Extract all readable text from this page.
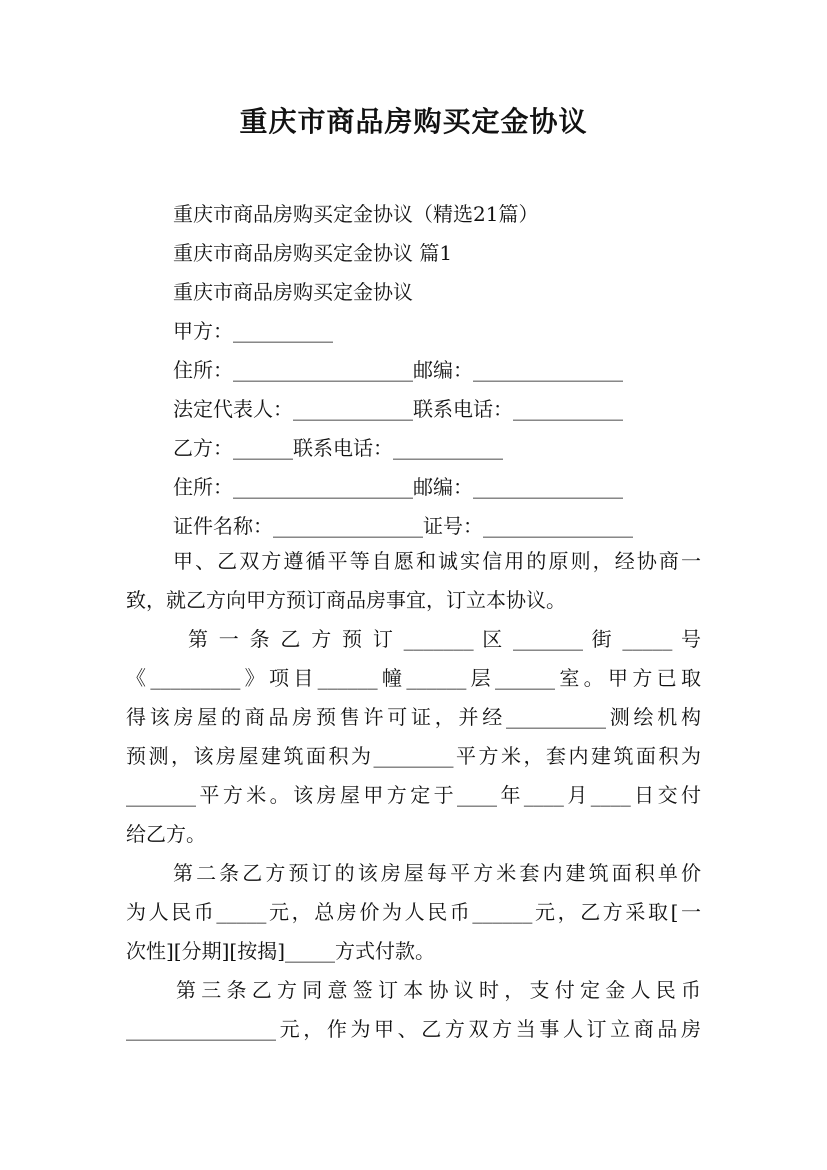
重庆市商品房购买定金协议
重庆市商品房购买定金协议（精选21篇）
重庆市商品房购买定金协议 篇1
重庆市商品房购买定金协议
甲方：__________
住所：__________________邮编：_______________
法定代表人：____________联系电话：___________
乙方：______联系电话：___________
住所：__________________邮编：_______________
证件名称：_______________证号：_______________
甲、乙双方遵循平等自愿和诚实信用的原则，经协商一
致，就乙方向甲方预订商品房事宜，订立本协议。
第 一 条 乙 方 预 订 _______ 区 _______ 街 _____ 号
《_________》项目______幢______层______室。甲方已取
得该房屋的商品房预售许可证，并经__________测绘机构
预测，该房屋建筑面积为________平方米，套内建筑面积为
_______平方米。该房屋甲方定于____年____月____日交付
给乙方。
第二条乙方预订的该房屋每平方米套内建筑面积单价
为人民币_____元，总房价为人民币______元，乙方采取[一
次性][分期][按揭]_____方式付款。
第三条乙方同意签订本协议时，支付定金人民币
_______________元，作为甲、乙方双方当事人订立商品房
